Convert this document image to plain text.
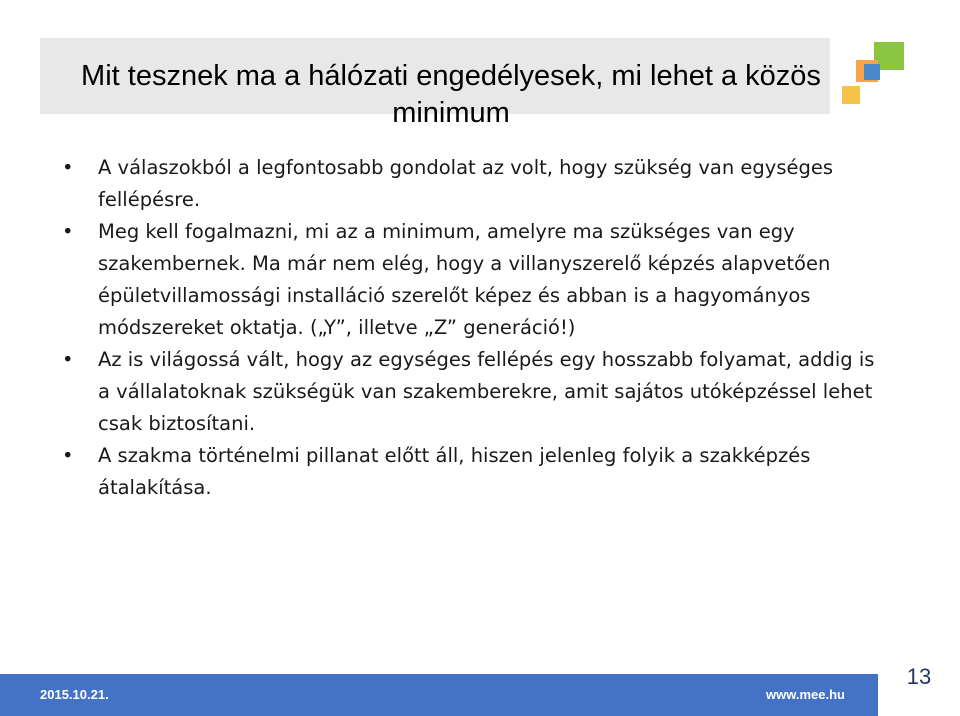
Mit tesznek ma a hálózati engedélyesek, mi lehet a közös minimum
• A válaszokból a legfontosabb gondolat az volt, hogy szükség van egységes fellépésre.
• Meg kell fogalmazni, mi az a minimum, amelyre ma szükséges van egy szakembernek. Ma már nem elég, hogy a villanyszerelő képzés alapvetően épületvillamossági installáció szerelőt képez és abban is a hagyományos módszereket oktatja. („Y”, illetve „Z” generáció!)
• Az is világossá vált, hogy az egységes fellépés egy hosszabb folyamat, addig is a vállalatoknak szükségük van szakemberekre, amit sajátos utóképzéssel lehet csak biztosítani.
• A szakma történelmi pillanat előtt áll, hiszen jelenleg folyik a szakképzés átalakítása.
2015.10.21.	www.mee.hu
13
